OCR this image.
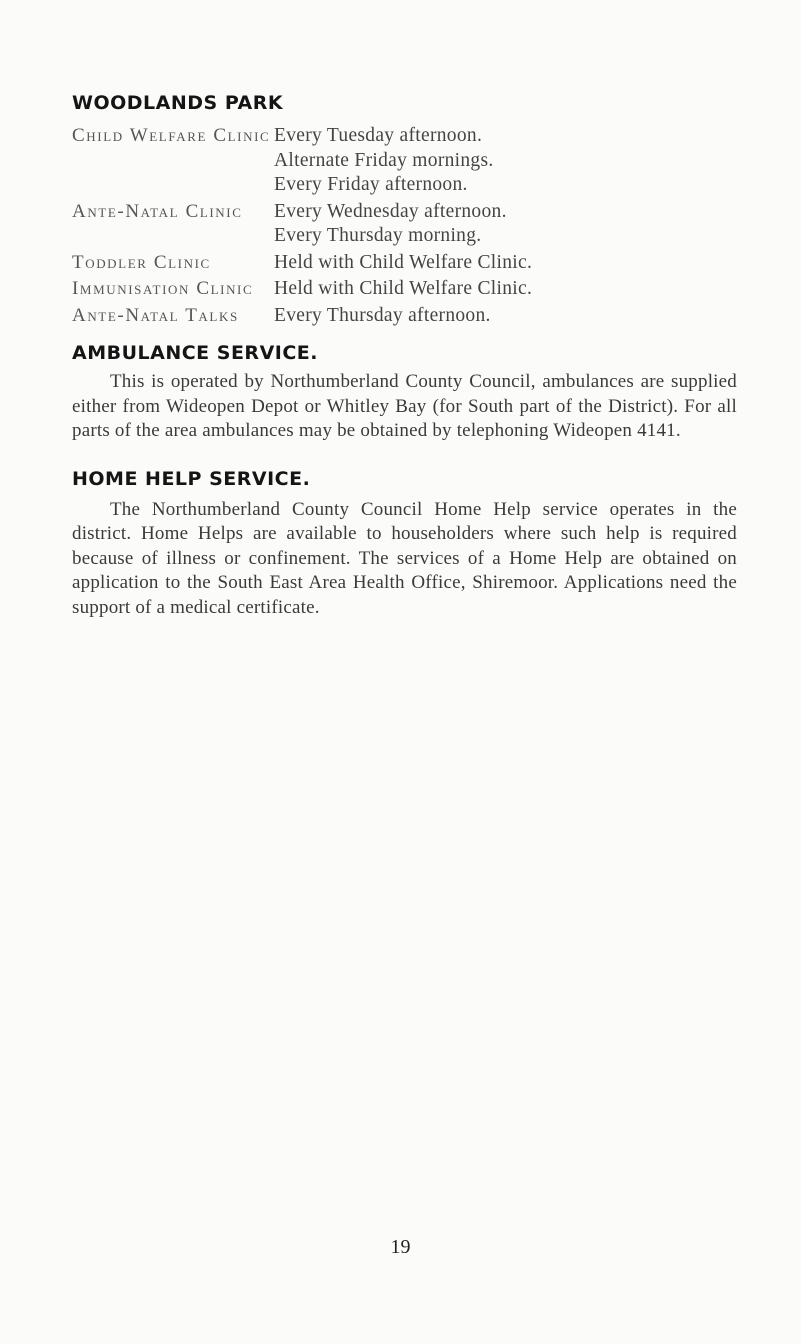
WOODLANDS PARK
Child Welfare Clinic Every Tuesday afternoon.
Alternate Friday mornings.
Every Friday afternoon.
Ante-Natal Clinic	Every Wednesday afternoon.
Every Thursday morning.
Toddler Clinic	Held with Child Welfare Clinic.
Immunisation Clinic	Held with Child Welfare Clinic.
Ante-Natal Talks	Every Thursday afternoon.
AMBULANCE SERVICE.

This is operated by Northumberland County Council, ambulances are supplied either from Wideopen Depot or Whitley Bay (for South part of the District). For all parts of the area ambulances may be obtained by telephoning Wideopen 4141.

HOME HELP SERVICE.

The Northumberland County Council Home Help service operates in the district. Home Helps are available to householders where such help is required because of illness or confinement. The services of a Home Help are obtained on application to the South East Area Health Office, Shiremoor. Applications need the support of a medical certificate.

19
